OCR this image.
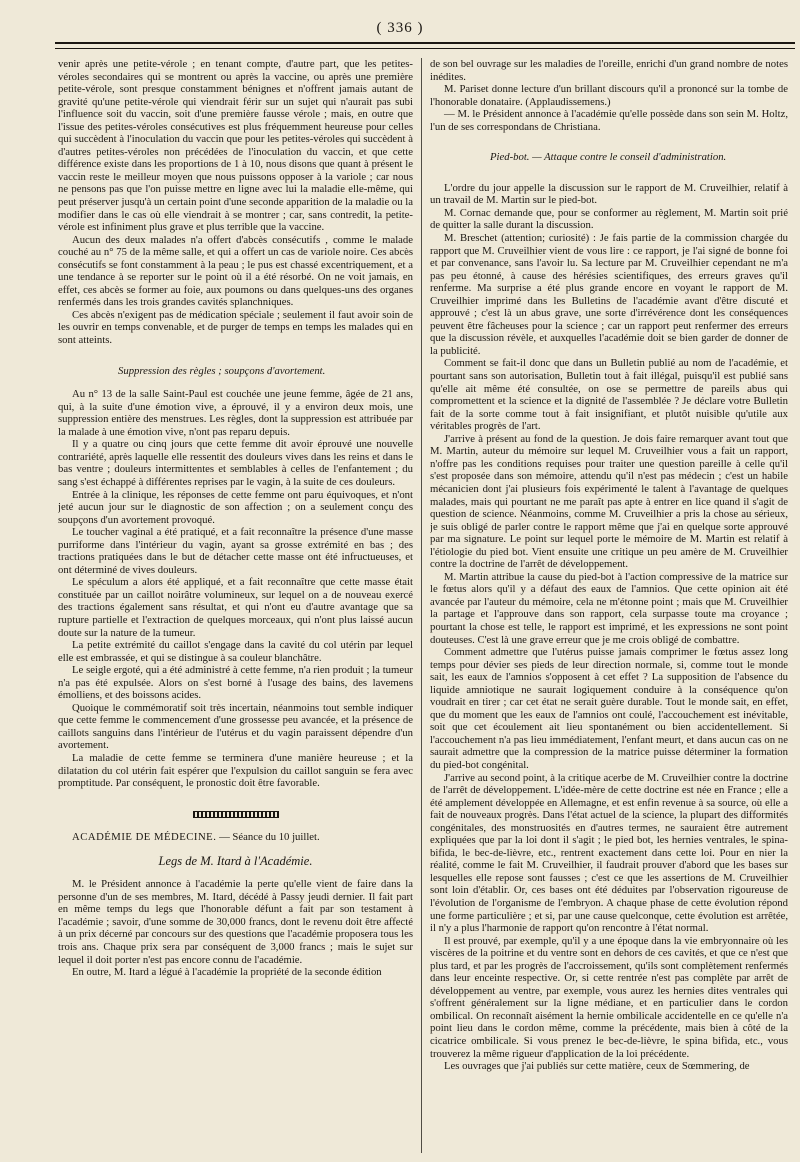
( 336 )

venir après une petite-vérole ; en tenant compte, d'autre part, que les petites-véroles secondaires qui se montrent ou après la vaccine, ou après une première petite-vérole, sont presque constamment bénignes et n'offrent jamais autant de gravité qu'une petite-vérole qui viendrait férir sur un sujet qui n'aurait pas subi l'influence soit du vaccin, soit d'une première fausse vérole ; mais, en outre que l'issue des petites-véroles consécutives est plus fréquemment heureuse pour celles qui succèdent à l'inoculation du vaccin que pour les petites-véroles qui succèdent à d'autres petites-véroles non précédées de l'inoculation du vaccin, et que cette différence existe dans les proportions de 1 à 10, nous disons que quant à présent le vaccin reste le meilleur moyen que nous puissons opposer à la variole ; car nous ne pensons pas que l'on puisse mettre en ligne avec lui la maladie elle-même, qui peut préserver jusqu'à un certain point d'une seconde apparition de la maladie ou la modifier dans le cas où elle viendrait à se montrer ; car, sans contredit, la petite-vérole est infiniment plus grave et plus terrible que la vaccine.

Aucun des deux malades n'a offert d'abcès consécutifs , comme le malade couché au n° 75 de la même salle, et qui a offert un cas de variole noire. Ces abcès consécutifs se font constamment à la peau ; le pus est chassé excentriquement, et a une tendance à se reporter sur le point où il a été résorbé. On ne voit jamais, en effet, ces abcès se former au foie, aux poumons ou dans quelques-uns des organes renfermés dans les trois grandes cavités splanchniques.

Ces abcès n'exigent pas de médication spéciale ; seulement il faut avoir soin de les ouvrir en temps convenable, et de purger de temps en temps les malades qui en sont atteints.

Suppression des règles ; soupçons d'avortement.

Au n° 13 de la salle Saint-Paul est couchée une jeune femme, âgée de 21 ans, qui, à la suite d'une émotion vive, a éprouvé, il y a environ deux mois, une suppression entière des menstrues. Les règles, dont la suppression est attribuée par la malade à une émotion vive, n'ont pas reparu depuis.

Il y a quatre ou cinq jours que cette femme dit avoir éprouvé une nouvelle contrariété, après laquelle elle ressentit des douleurs vives dans les reins et dans le bas ventre ; douleurs intermittentes et semblables à celles de l'enfantement ; du sang s'est échappé à différentes reprises par le vagin, à la suite de ces douleurs.

Entrée à la clinique, les réponses de cette femme ont paru équivoques, et n'ont jeté aucun jour sur le diagnostic de son affection ; on a seulement conçu des soupçons d'un avortement provoqué.

Le toucher vaginal a été pratiqué, et a fait reconnaître la présence d'une masse purriforme dans l'intérieur du vagin, ayant sa grosse extrémité en bas ; des tractions pratiquées dans le but de détacher cette masse ont été infructueuses, et ont déterminé de vives douleurs.

Le spéculum a alors été appliqué, et a fait reconnaître que cette masse était constituée par un caillot noirâtre volumineux, sur lequel on a de nouveau exercé des tractions également sans résultat, et qui n'ont eu d'autre avantage que sa rupture partielle et l'extraction de quelques morceaux, qui n'ont plus laissé aucun doute sur la nature de la tumeur.

La petite extrémité du caillot s'engage dans la cavité du col utérin par lequel elle est embrassée, et qui se distingue à sa couleur blanchâtre.

Le seigle ergoté, qui a été administré à cette femme, n'a rien produit ; la tumeur n'a pas été expulsée. Alors on s'est borné à l'usage des bains, des lavemens émolliens, et des boissons acides.

Quoique le commémoratif soit très incertain, néanmoins tout semble indiquer que cette femme le commencement d'une grossesse peu avancée, et la présence de caillots sanguins dans l'intérieur de l'utérus et du vagin paraissent dépendre d'un avortement.

La maladie de cette femme se terminera d'une manière heureuse ; et la dilatation du col utérin fait espérer que l'expulsion du caillot sanguin se fera avec promptitude. Par conséquent, le pronostic doit être favorable.

ACADÉMIE DE MÉDECINE. — Séance du 10 juillet.

Legs de M. Itard à l'Académie.

M. le Président annonce à l'académie la perte qu'elle vient de faire dans la personne d'un de ses membres, M. Itard, décédé à Passy jeudi dernier. Il fait part en même temps du legs que l'honorable défunt a fait par son testament à l'académie ; savoir, d'une somme de 30,000 francs, dont le revenu doit être affecté à un prix décerné par concours sur des questions que l'académie proposera tous les trois ans. Chaque prix sera par conséquent de 3,000 francs ; mais le sujet sur lequel il doit porter n'est pas encore connu de l'académie.

En outre, M. Itard a légué à l'académie la propriété de la seconde édition

de son bel ouvrage sur les maladies de l'oreille, enrichi d'un grand nombre de notes inédites.

M. Pariset donne lecture d'un brillant discours qu'il a prononcé sur la tombe de l'honorable donataire. (Applaudissemens.)

— M. le Président annonce à l'académie qu'elle possède dans son sein M. Holtz, l'un de ses correspondans de Christiana.

Pied-bot. — Attaque contre le conseil d'administration.

L'ordre du jour appelle la discussion sur le rapport de M. Cruveilhier, relatif à un travail de M. Martin sur le pied-bot.

M. Cornac demande que, pour se conformer au règlement, M. Martin soit prié de quitter la salle durant la discussion.

M. Breschet (attention; curiosité) : Je fais partie de la commission chargée du rapport que M. Cruveilhier vient de vous lire : ce rapport, je l'ai signé de bonne foi et par convenance, sans l'avoir lu. Sa lecture par M. Cruveilhier cependant ne m'a pas peu étonné, à cause des hérésies scientifiques, des erreurs graves qu'il renferme. Ma surprise a été plus grande encore en voyant le rapport de M. Cruveilhier imprimé dans les Bulletins de l'académie avant d'être discuté et approuvé ; c'est là un abus grave, une sorte d'irrévérence dont les conséquences peuvent être fâcheuses pour la science ; car un rapport peut renfermer des erreurs que la discussion révèle, et auxquelles l'académie doit se bien garder de donner de la publicité.

Comment se fait-il donc que dans un Bulletin publié au nom de l'académie, et pourtant sans son autorisation, Bulletin tout à fait illégal, puisqu'il est publié sans qu'elle ait même été consultée, on ose se permettre de pareils abus qui compromettent et la science et la dignité de l'assemblée ? Je déclare votre Bulletin fait de la sorte comme tout à fait insignifiant, et plutôt nuisible qu'utile aux véritables progrès de l'art.

J'arrive à présent au fond de la question. Je dois faire remarquer avant tout que M. Martin, auteur du mémoire sur lequel M. Cruveilhier vous a fait un rapport, n'offre pas les conditions requises pour traiter une question pareille à celle qu'il s'est proposée dans son mémoire, attendu qu'il n'est pas médecin ; c'est un habile mécanicien dont j'ai plusieurs fois expérimenté le talent à l'avantage de quelques malades, mais qui pourtant ne me paraît pas apte à entrer en lice quand il s'agit de question de science. Néanmoins, comme M. Cruveilhier a pris la chose au sérieux, je suis obligé de parler contre le rapport même que j'ai en quelque sorte approuvé par ma signature. Le point sur lequel porte le mémoire de M. Martin est relatif à l'étiologie du pied bot. Vient ensuite une critique un peu amère de M. Cruveilhier contre la doctrine de l'arrêt de développement.

M. Martin attribue la cause du pied-bot à l'action compressive de la matrice sur le fœtus alors qu'il y a défaut des eaux de l'amnios. Que cette opinion ait été avancée par l'auteur du mémoire, cela ne m'étonne point ; mais que M. Cruveilhier la partage et l'approuve dans son rapport, cela surpasse toute ma croyance ; pourtant la chose est telle, le rapport est imprimé, et les expressions ne sont point douteuses. C'est là une grave erreur que je me crois obligé de combattre.

Comment admettre que l'utérus puisse jamais comprimer le fœtus assez long temps pour dévier ses pieds de leur direction normale, si, comme tout le monde sait, les eaux de l'amnios s'opposent à cet effet ? La supposition de l'absence du liquide amniotique ne saurait logiquement conduire à la conséquence qu'on voudrait en tirer ; car cet état ne serait guère durable. Tout le monde sait, en effet, que du moment que les eaux de l'amnios ont coulé, l'accouchement est inévitable, soit que cet écoulement ait lieu spontanément ou bien accidentellement. Si l'accouchement n'a pas lieu immédiatement, l'enfant meurt, et dans aucun cas on ne saurait admettre que la compression de la matrice puisse déterminer la formation du pied-bot congénital.

J'arrive au second point, à la critique acerbe de M. Cruveilhier contre la doctrine de l'arrêt de développement. L'idée-mère de cette doctrine est née en France ; elle a été amplement développée en Allemagne, et est enfin revenue à sa source, où elle a fait de nouveaux progrès. Dans l'état actuel de la science, la plupart des difformités congénitales, des monstruosités en d'autres termes, ne sauraient être autrement expliquées que par la loi dont il s'agit ; le pied bot, les hernies ventrales, le spina-bifida, le bec-de-lièvre, etc., rentrent exactement dans cette loi. Pour en nier la réalité, comme le fait M. Cruveilhier, il faudrait prouver d'abord que les bases sur lesquelles elle repose sont fausses ; c'est ce que les assertions de M. Cruveilhier sont loin d'établir. Or, ces bases ont été déduites par l'observation rigoureuse de l'évolution de l'organisme de l'embryon. A chaque phase de cette évolution répond une forme particulière ; et si, par une cause quelconque, cette évolution est arrêtée, il n'y a plus l'harmonie de rapport qu'on rencontre à l'état normal.

Il est prouvé, par exemple, qu'il y a une époque dans la vie embryonnaire où les viscères de la poitrine et du ventre sont en dehors de ces cavités, et que ce n'est que plus tard, et par les progrès de l'accroissement, qu'ils sont complètement renfermés dans leur enceinte respective. Or, si cette rentrée n'est pas complète par arrêt de développement au ventre, par exemple, vous aurez les hernies dites ventrales qui s'offrent généralement sur la ligne médiane, et en particulier dans le cordon ombilical. On reconnaît aisément la hernie ombilicale accidentelle en ce qu'elle n'a point lieu dans le cordon même, comme la précédente, mais bien à côté de la cicatrice ombilicale. Si vous prenez le bec-de-lièvre, le spina bifida, etc., vous trouverez la même rigueur d'application de la loi précédente.

Les ouvrages que j'ai publiés sur cette matière, ceux de Sœmmering, de
